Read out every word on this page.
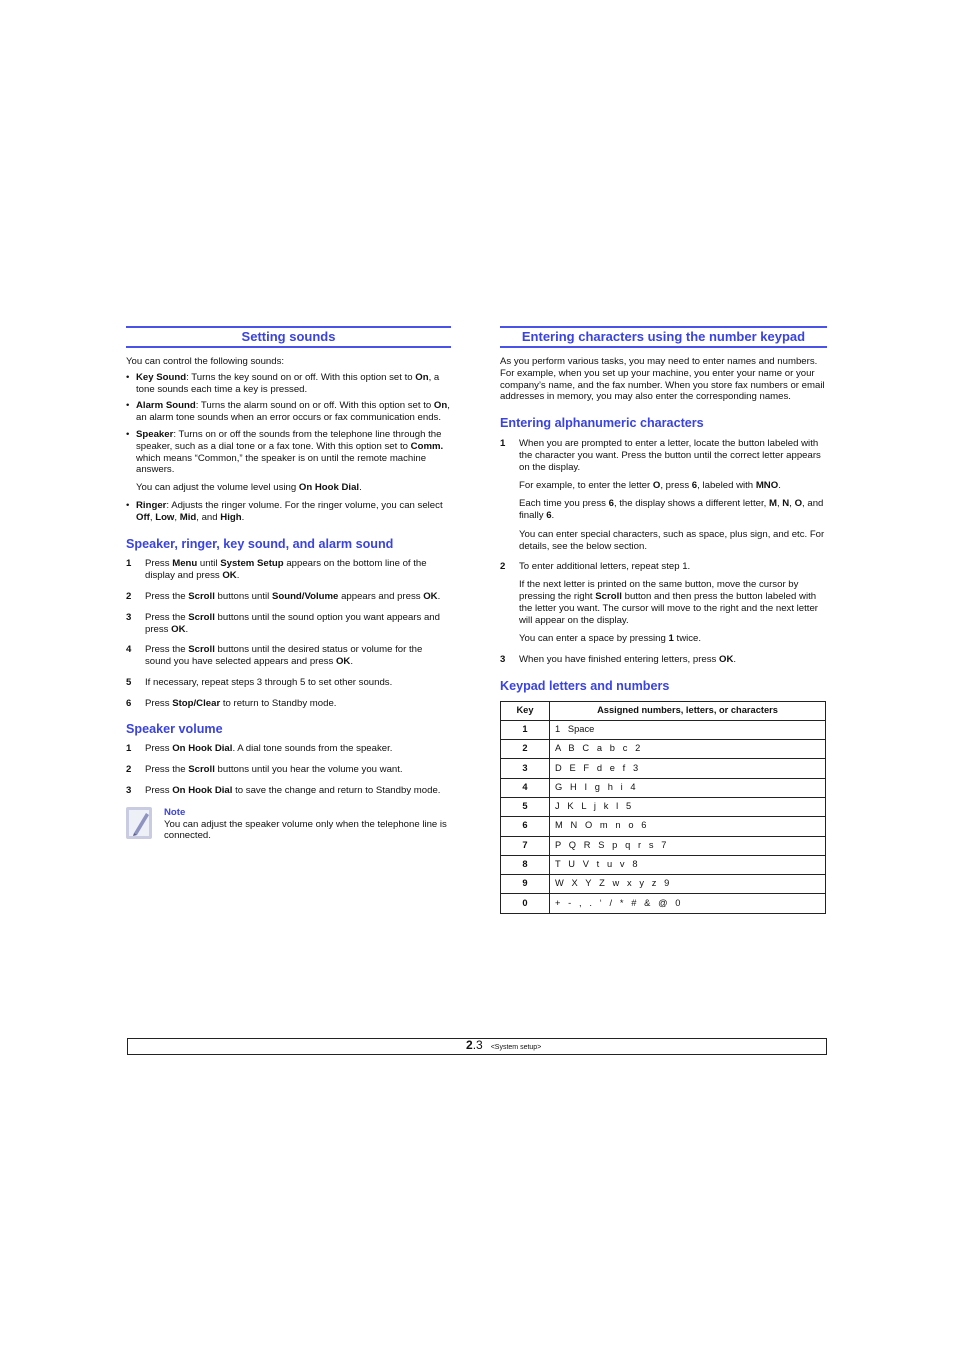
Setting sounds

You can control the following sounds:

• Key Sound: Turns the key sound on or off. With this option set to On, a tone sounds each time a key is pressed.
• Alarm Sound: Turns the alarm sound on or off. With this option set to On, an alarm tone sounds when an error occurs or fax communication ends.
• Speaker: Turns on or off the sounds from the telephone line through the speaker, such as a dial tone or a fax tone. With this option set to Comm. which means “Common,” the speaker is on until the remote machine answers.

You can adjust the volume level using On Hook Dial.

• Ringer: Adjusts the ringer volume. For the ringer volume, you can select Off, Low, Mid, and High.

Speaker, ringer, key sound, and alarm sound

1 Press Menu until System Setup appears on the bottom line of the display and press OK.

2 Press the Scroll buttons until Sound/Volume appears and press OK.

3 Press the Scroll buttons until the sound option you want appears and press OK.

4 Press the Scroll buttons until the desired status or volume for the sound you have selected appears and press OK.

5 If necessary, repeat steps 3 through 5 to set other sounds.

6 Press Stop/Clear to return to Standby mode.

Speaker volume

1 Press On Hook Dial. A dial tone sounds from the speaker.

2 Press the Scroll buttons until you hear the volume you want.

3 Press On Hook Dial to save the change and return to Standby mode.

Note

You can adjust the speaker volume only when the telephone line is connected.

Entering characters using the number keypad

As you perform various tasks, you may need to enter names and numbers. For example, when you set up your machine, you enter your name or your company’s name, and the fax number. When you store fax numbers or email addresses in memory, you may also enter the corresponding names.

Entering alphanumeric characters

1 When you are prompted to enter a letter, locate the button labeled with the character you want. Press the button until the correct letter appears on the display.

For example, to enter the letter O, press 6, labeled with MNO.

Each time you press 6, the display shows a different letter, M, N, O, and finally 6.

You can enter special characters, such as space, plus sign, and etc. For details, see the below section.

2 To enter additional letters, repeat step 1.

If the next letter is printed on the same button, move the cursor by pressing the right Scroll button and then press the button labeled with the letter you want. The cursor will move to the right and the next letter will appear on the display.

You can enter a space by pressing 1 twice.

3 When you have finished entering letters, press OK.

Keypad letters and numbers

Key	Assigned numbers, letters, or characters
1	1   Space
2	A   B   C   a   b   c   2
3	D   E   F   d   e   f   3
4	G   H   I   g   h   i   4
5	J   K   L   j   k   l   5
6	M   N   O   m   n   o   6
7	P   Q   R   S   p   q   r   s   7
8	T   U   V   t   u   v   8
9	W   X   Y   Z   w   x   y   z   9
0	+   -   ,   .   ‘   /   *   #   &   @   0
2.3 <System setup>
